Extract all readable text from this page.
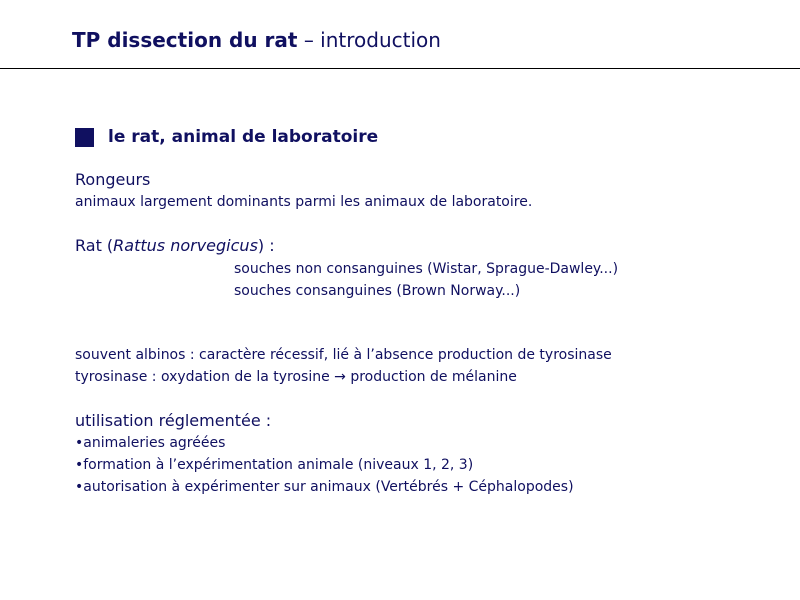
TP dissection du rat – introduction
le rat, animal de laboratoire
Rongeurs
animaux largement dominants parmi les animaux de laboratoire.
Rat (Rattus norvegicus) :
souches non consanguines (Wistar, Sprague-Dawley...)
souches consanguines (Brown Norway...)
souvent albinos : caractère récessif, lié à l’absence production de tyrosinase
tyrosinase : oxydation de la tyrosine → production de mélanine
utilisation réglementée :
•animaleries agréées
•formation à l’expérimentation animale (niveaux 1, 2, 3)
•autorisation à expérimenter sur animaux (Vertébrés + Céphalopodes)
